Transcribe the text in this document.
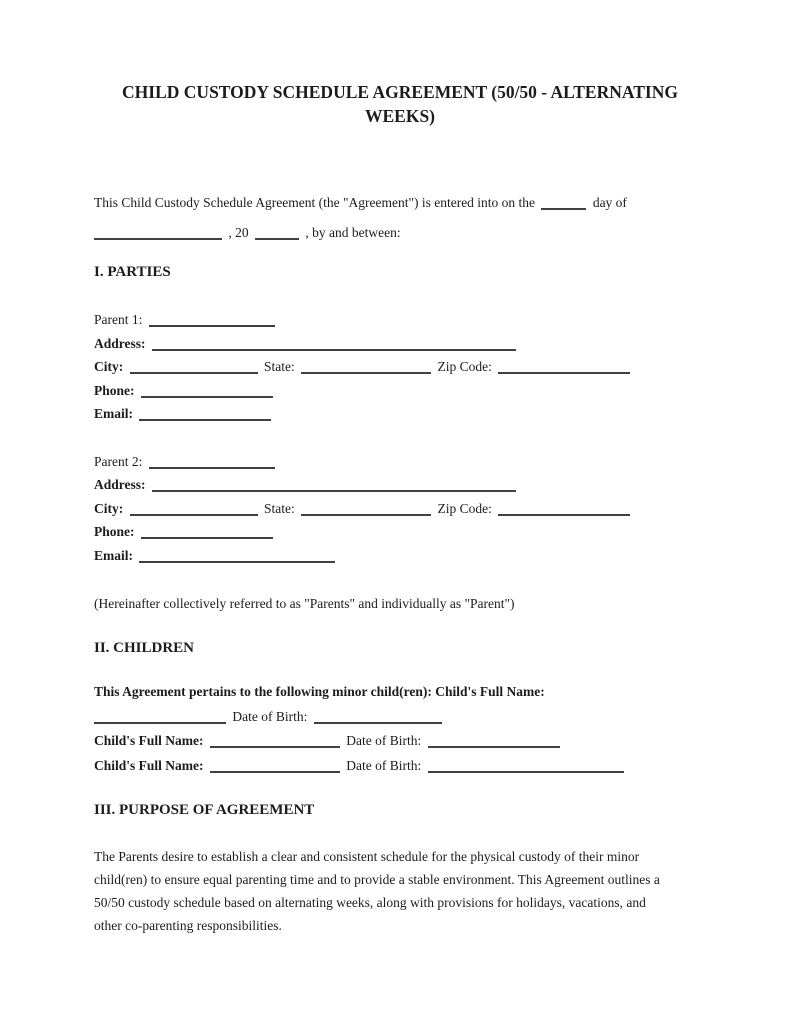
CHILD CUSTODY SCHEDULE AGREEMENT (50/50 - ALTERNATING WEEKS)
This Child Custody Schedule Agreement (the "Agreement") is entered into on the	day of
, 20	, by and between:
I. PARTIES
Parent 1:
Address:
City:	State:	Zip Code:
Phone:
Email:
Parent 2:
Address:
City:	State:	Zip Code:
Phone:
Email:
(Hereinafter collectively referred to as "Parents" and individually as "Parent")
II. CHILDREN
This Agreement pertains to the following minor child(ren): Child's Full Name:
Date of Birth:
Child's Full Name:	Date of Birth:
Child's Full Name:	Date of Birth:
III. PURPOSE OF AGREEMENT
The Parents desire to establish a clear and consistent schedule for the physical custody of their minor
child(ren) to ensure equal parenting time and to provide a stable environment. This Agreement outlines a
50/50 custody schedule based on alternating weeks, along with provisions for holidays, vacations, and
other co-parenting responsibilities.
